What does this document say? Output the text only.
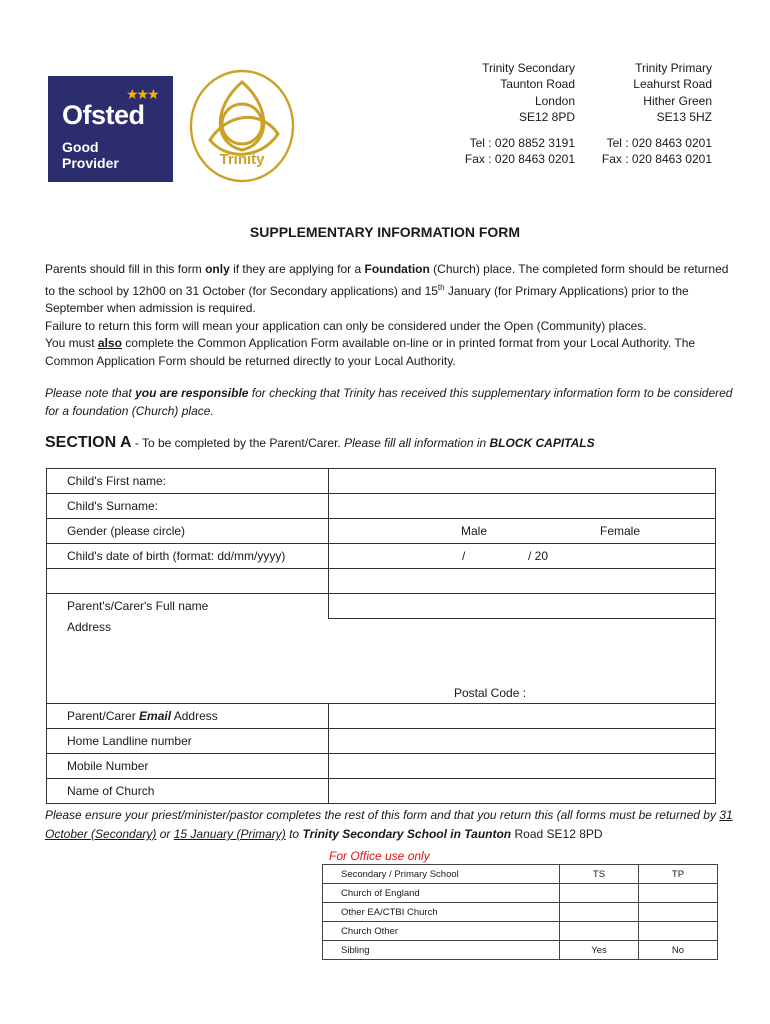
★★★
Ofsted
Good
Provider	Trinity
Trinity Secondary
Taunton Road
London
SE12 8PD
Tel : 020 8852 3191
Fax : 020 8463 0201
Trinity Primary
Leahurst Road
Hither Green
SE13 5HZ
Tel : 020 8463 0201
Fax : 020 8463 0201
SUPPLEMENTARY INFORMATION FORM
Parents should fill in this form only if they are applying for a Foundation (Church) place. The completed form should be returned to the school by 12h00 on 31 October (for Secondary applications) and 15th January (for Primary Applications) prior to the September when admission is required.
Failure to return this form will mean your application can only be considered under the Open (Community) places.
You must also complete the Common Application Form available on-line or in printed format from your Local Authority. The Common Application Form should be returned directly to your Local Authority.
Please note that you are responsible for checking that Trinity has received this supplementary information form to be considered for a foundation (Church) place.
SECTION A - To be completed by the Parent/Carer. Please fill all information in BLOCK CAPITALS
Child's First name:	
Child's Surname:	
Gender (please circle)	Male Female

Child's date of birth (format: dd/mm/yyyy)	/ / 20

Parent's/Carer's Full name	

Address
Postal Code :	

Parent/Carer Email Address	
Home Landline number	
Mobile Number	
Name of Church	
Please ensure your priest/minister/pastor completes the rest of this form and that you return this (all forms must be returned by 31 October (Secondary) or 15 January (Primary) to Trinity Secondary School in Taunton Road SE12 8PD
For Office use only
Secondary / Primary School	TS	TP
Church of England		
Other EA/CTBI Church		
Church Other		
Sibling	Yes	No
